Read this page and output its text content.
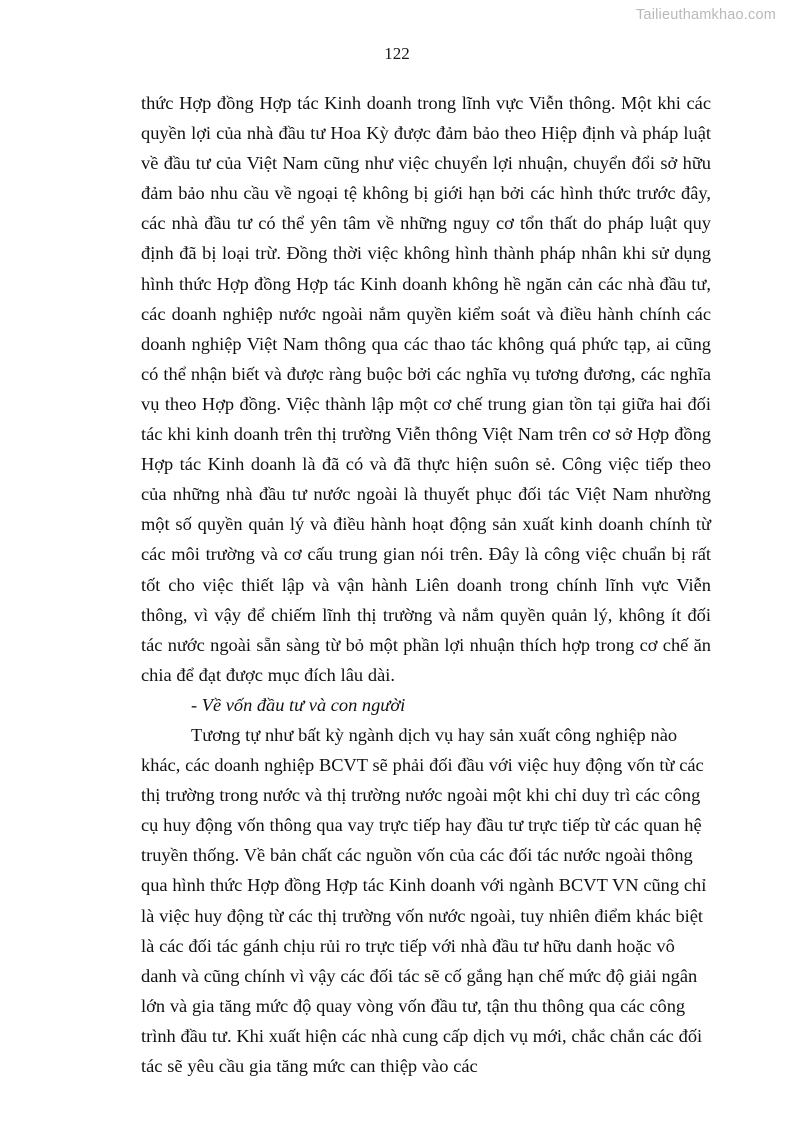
Tailieuthamkhao.com
122

thức Hợp đồng Hợp tác Kinh doanh trong lĩnh vực Viễn thông. Một khi các quyền lợi của nhà đầu tư Hoa Kỳ được đảm bảo theo Hiệp định và pháp luật về đầu tư của Việt Nam cũng như việc chuyển lợi nhuận, chuyển đổi sở hữu đảm bảo nhu cầu về ngoại tệ không bị giới hạn bởi các hình thức trước đây, các nhà đầu tư có thể yên tâm về những nguy cơ tổn thất do pháp luật quy định đã bị loại trừ. Đồng thời việc không hình thành pháp nhân khi sử dụng hình thức Hợp đồng Hợp tác Kinh doanh không hề ngăn cản các nhà đầu tư, các doanh nghiệp nước ngoài nắm quyền kiểm soát và điều hành chính các doanh nghiệp Việt Nam thông qua các thao tác không quá phức tạp, ai cũng có thể nhận biết và được ràng buộc bởi các nghĩa vụ tương đương, các nghĩa vụ theo Hợp đồng. Việc thành lập một cơ chế trung gian tồn tại giữa hai đối tác khi kinh doanh trên thị trường Viễn thông Việt Nam trên cơ sở Hợp đồng Hợp tác Kinh doanh là đã có và đã thực hiện suôn sẻ. Công việc tiếp theo của những nhà đầu tư nước ngoài là thuyết phục đối tác Việt Nam nhường một số quyền quản lý và điều hành hoạt động sản xuất kinh doanh chính từ các môi trường và cơ cấu trung gian nói trên. Đây là công việc chuẩn bị rất tốt cho việc thiết lập và vận hành Liên doanh trong chính lĩnh vực Viễn thông, vì vậy để chiếm lĩnh thị trường và nắm quyền quản lý, không ít đối tác nước ngoài sẵn sàng từ bỏ một phần lợi nhuận thích hợp trong cơ chế ăn chia để đạt được mục đích lâu dài.

- Về vốn đầu tư và con người

Tương tự như bất kỳ ngành dịch vụ hay sản xuất công nghiệp nào khác, các doanh nghiệp BCVT sẽ phải đối đầu với việc huy động vốn từ các thị trường trong nước và thị trường nước ngoài một khi chỉ duy trì các công cụ huy động vốn thông qua vay trực tiếp hay đầu tư trực tiếp từ các quan hệ truyền thống. Về bản chất các nguồn vốn của các đối tác nước ngoài thông qua hình thức Hợp đồng Hợp tác Kinh doanh với ngành BCVT VN cũng chỉ là việc huy động từ các thị trường vốn nước ngoài, tuy nhiên điểm khác biệt là các đối tác gánh chịu rủi ro trực tiếp với nhà đầu tư hữu danh hoặc vô danh và cũng chính vì vậy các đối tác sẽ cố gắng hạn chế mức độ giải ngân lớn và gia tăng mức độ quay vòng vốn đầu tư, tận thu thông qua các công trình đầu tư. Khi xuất hiện các nhà cung cấp dịch vụ mới, chắc chắn các đối tác sẽ yêu cầu gia tăng mức can thiệp vào các
